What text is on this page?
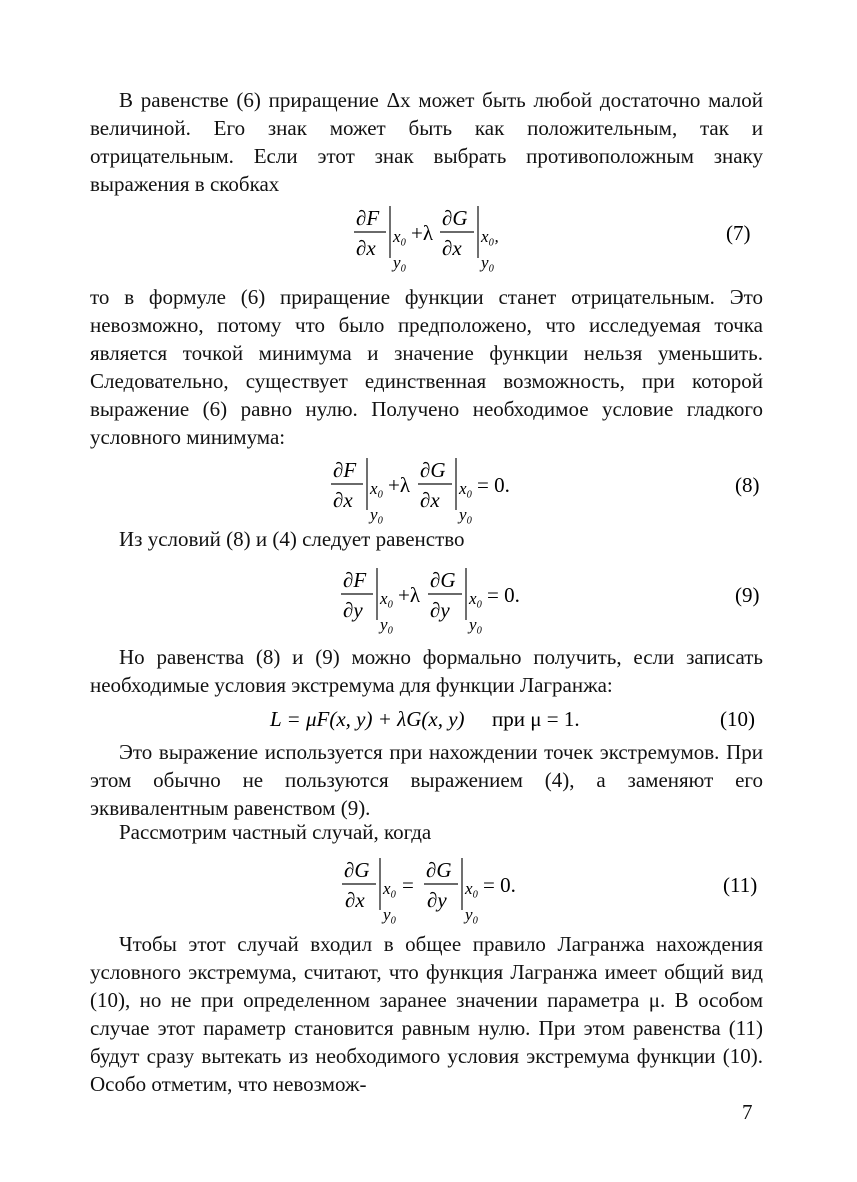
В равенстве (6) приращение Δx может быть любой достаточно малой величиной. Его знак может быть как положительным, так и отрицательным. Если этот знак выбрать противоположным знаку выражения в скобках

∂F
∂x x₀
y₀
+λ
∂G
∂x x₀,
y₀
(7)

то в формуле (6) приращение функции станет отрицательным. Это невозможно, потому что было предположено, что исследуемая точка является точкой минимума и значение функции нельзя уменьшить. Следовательно, существует единственная возможность, при которой выражение (6) равно нулю. Получено необходимое условие гладкого условного минимума:

∂F
∂x x₀
y₀
+λ
∂G
∂x x₀
y₀
= 0.	(8)

Из условий (8) и (4) следует равенство

∂F
∂y x₀
y₀
+λ
∂G
∂y x₀
y₀
= 0.	(9)

Но равенства (8) и (9) можно формально получить, если записать необходимые условия экстремума для функции Лагранжа:

L = μF(x, y) + λG(x, y) при μ = 1.	(10)

Это выражение используется при нахождении точек экстремумов. При этом обычно не пользуются выражением (4), а заменяют его эквивалентным равенством (9).

Рассмотрим частный случай, когда

∂G
∂x x₀
y₀
=
∂G
∂y x₀
y₀
= 0.	(11)

Чтобы этот случай входил в общее правило Лагранжа нахождения условного экстремума, считают, что функция Лагранжа имеет общий вид (10), но не при определенном заранее значении параметра μ. В особом случае этот параметр становится равным нулю. При этом равенства (11) будут сразу вытекать из необходимого условия экстремума функции (10). Особо отметим, что невозмож-

7
